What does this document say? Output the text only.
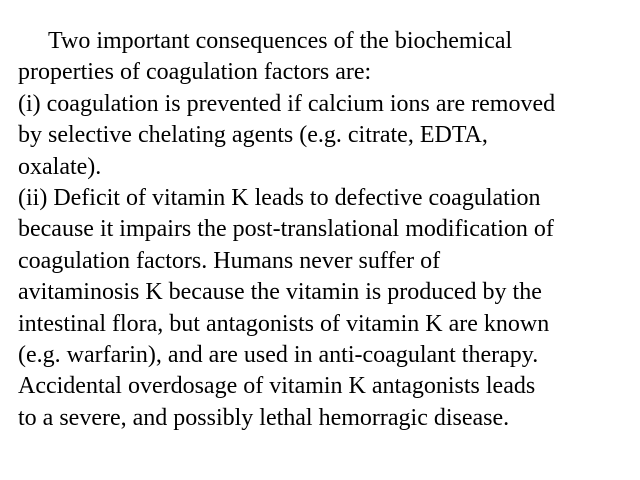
Two important consequences of the biochemical
properties of coagulation factors are:
(i) coagulation is prevented if calcium ions are removed
by selective chelating agents (e.g. citrate, EDTA,
oxalate).
(ii) Deficit of vitamin K leads to defective coagulation
because it impairs the post-translational modification of
coagulation factors. Humans never suffer of
avitaminosis K because the vitamin is produced by the
intestinal flora, but antagonists of vitamin K are known
(e.g. warfarin), and are used in anti-coagulant therapy.
Accidental overdosage of vitamin K antagonists leads
to a severe, and possibly lethal hemorragic disease.
